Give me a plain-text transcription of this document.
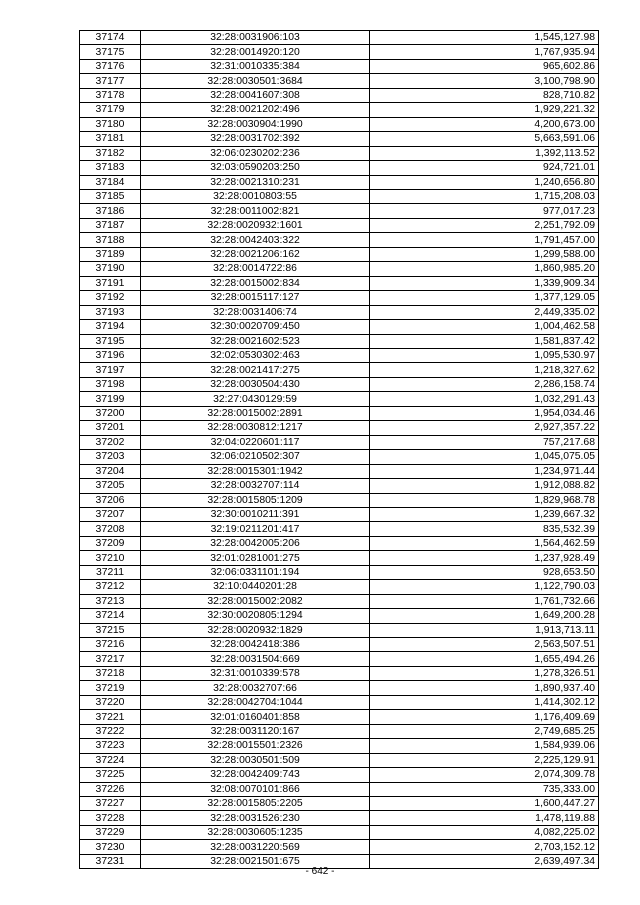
37174	32:28:0031906:103	1,545,127.98
37175	32:28:0014920:120	1,767,935.94
37176	32:31:0010335:384	965,602.86
37177	32:28:0030501:3684	3,100,798.90
37178	32:28:0041607:308	828,710.82
37179	32:28:0021202:496	1,929,221.32
37180	32:28:0030904:1990	4,200,673.00
37181	32:28:0031702:392	5,663,591.06
37182	32:06:0230202:236	1,392,113.52
37183	32:03:0590203:250	924,721.01
37184	32:28:0021310:231	1,240,656.80
37185	32:28:0010803:55	1,715,208.03
37186	32:28:0011002:821	977,017.23
37187	32:28:0020932:1601	2,251,792.09
37188	32:28:0042403:322	1,791,457.00
37189	32:28:0021206:162	1,299,588.00
37190	32:28:0014722:86	1,860,985.20
37191	32:28:0015002:834	1,339,909.34
37192	32:28:0015117:127	1,377,129.05
37193	32:28:0031406:74	2,449,335.02
37194	32:30:0020709:450	1,004,462.58
37195	32:28:0021602:523	1,581,837.42
37196	32:02:0530302:463	1,095,530.97
37197	32:28:0021417:275	1,218,327.62
37198	32:28:0030504:430	2,286,158.74
37199	32:27:0430129:59	1,032,291.43
37200	32:28:0015002:2891	1,954,034.46
37201	32:28:0030812:1217	2,927,357.22
37202	32:04:0220601:117	757,217.68
37203	32:06:0210502:307	1,045,075.05
37204	32:28:0015301:1942	1,234,971.44
37205	32:28:0032707:114	1,912,088.82
37206	32:28:0015805:1209	1,829,968.78
37207	32:30:0010211:391	1,239,667.32
37208	32:19:0211201:417	835,532.39
37209	32:28:0042005:206	1,564,462.59
37210	32:01:0281001:275	1,237,928.49
37211	32:06:0331101:194	928,653.50
37212	32:10:0440201:28	1,122,790.03
37213	32:28:0015002:2082	1,761,732.66
37214	32:30:0020805:1294	1,649,200.28
37215	32:28:0020932:1829	1,913,713.11
37216	32:28:0042418:386	2,563,507.51
37217	32:28:0031504:669	1,655,494.26
37218	32:31:0010339:578	1,278,326.51
37219	32:28:0032707:66	1,890,937.40
37220	32:28:0042704:1044	1,414,302.12
37221	32:01:0160401:858	1,176,409.69
37222	32:28:0031120:167	2,749,685.25
37223	32:28:0015501:2326	1,584,939.06
37224	32:28:0030501:509	2,225,129.91
37225	32:28:0042409:743	2,074,309.78
37226	32:08:0070101:866	735,333.00
37227	32:28:0015805:2205	1,600,447.27
37228	32:28:0031526:230	1,478,119.88
37229	32:28:0030605:1235	4,082,225.02
37230	32:28:0031220:569	2,703,152.12
37231	32:28:0021501:675	2,639,497.34
- 642 -
